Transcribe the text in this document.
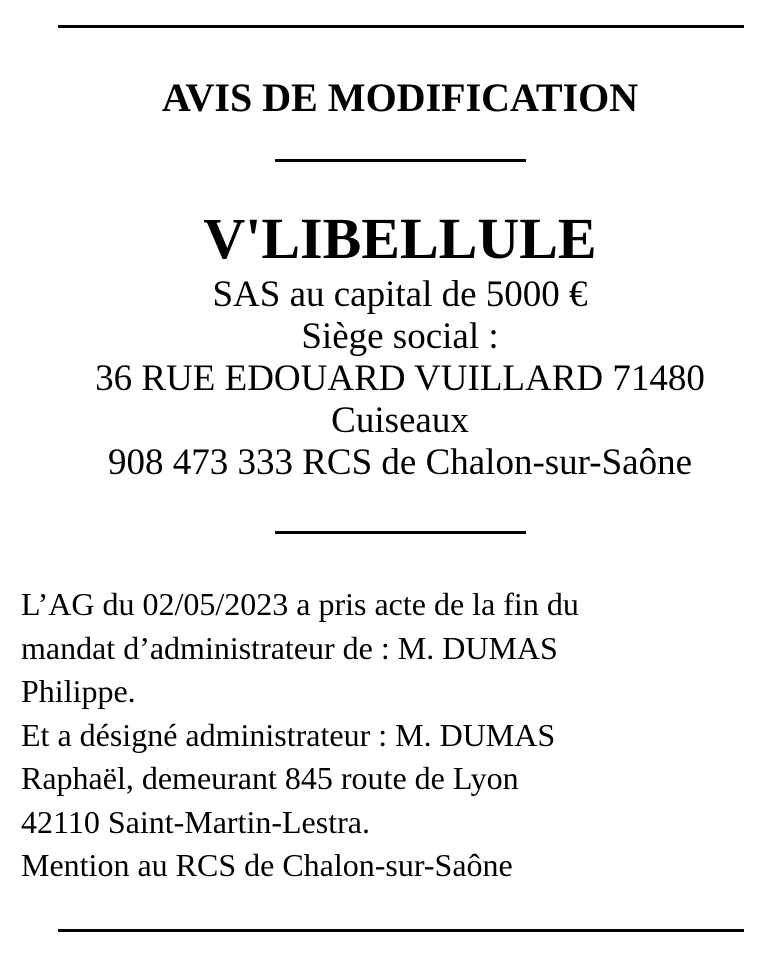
AVIS DE MODIFICATION
V'LIBELLULE
SAS au capital de 5000 €
Siège social :
36 RUE EDOUARD VUILLARD 71480
Cuiseaux
908 473 333 RCS de Chalon-sur-Saône
L’AG du 02/05/2023 a pris acte de la fin du
mandat d’administrateur de : M. DUMAS
Philippe.
Et a désigné administrateur : M. DUMAS
Raphaël, demeurant 845 route de Lyon
42110 Saint-Martin-Lestra.
Mention au RCS de Chalon-sur-Saône
